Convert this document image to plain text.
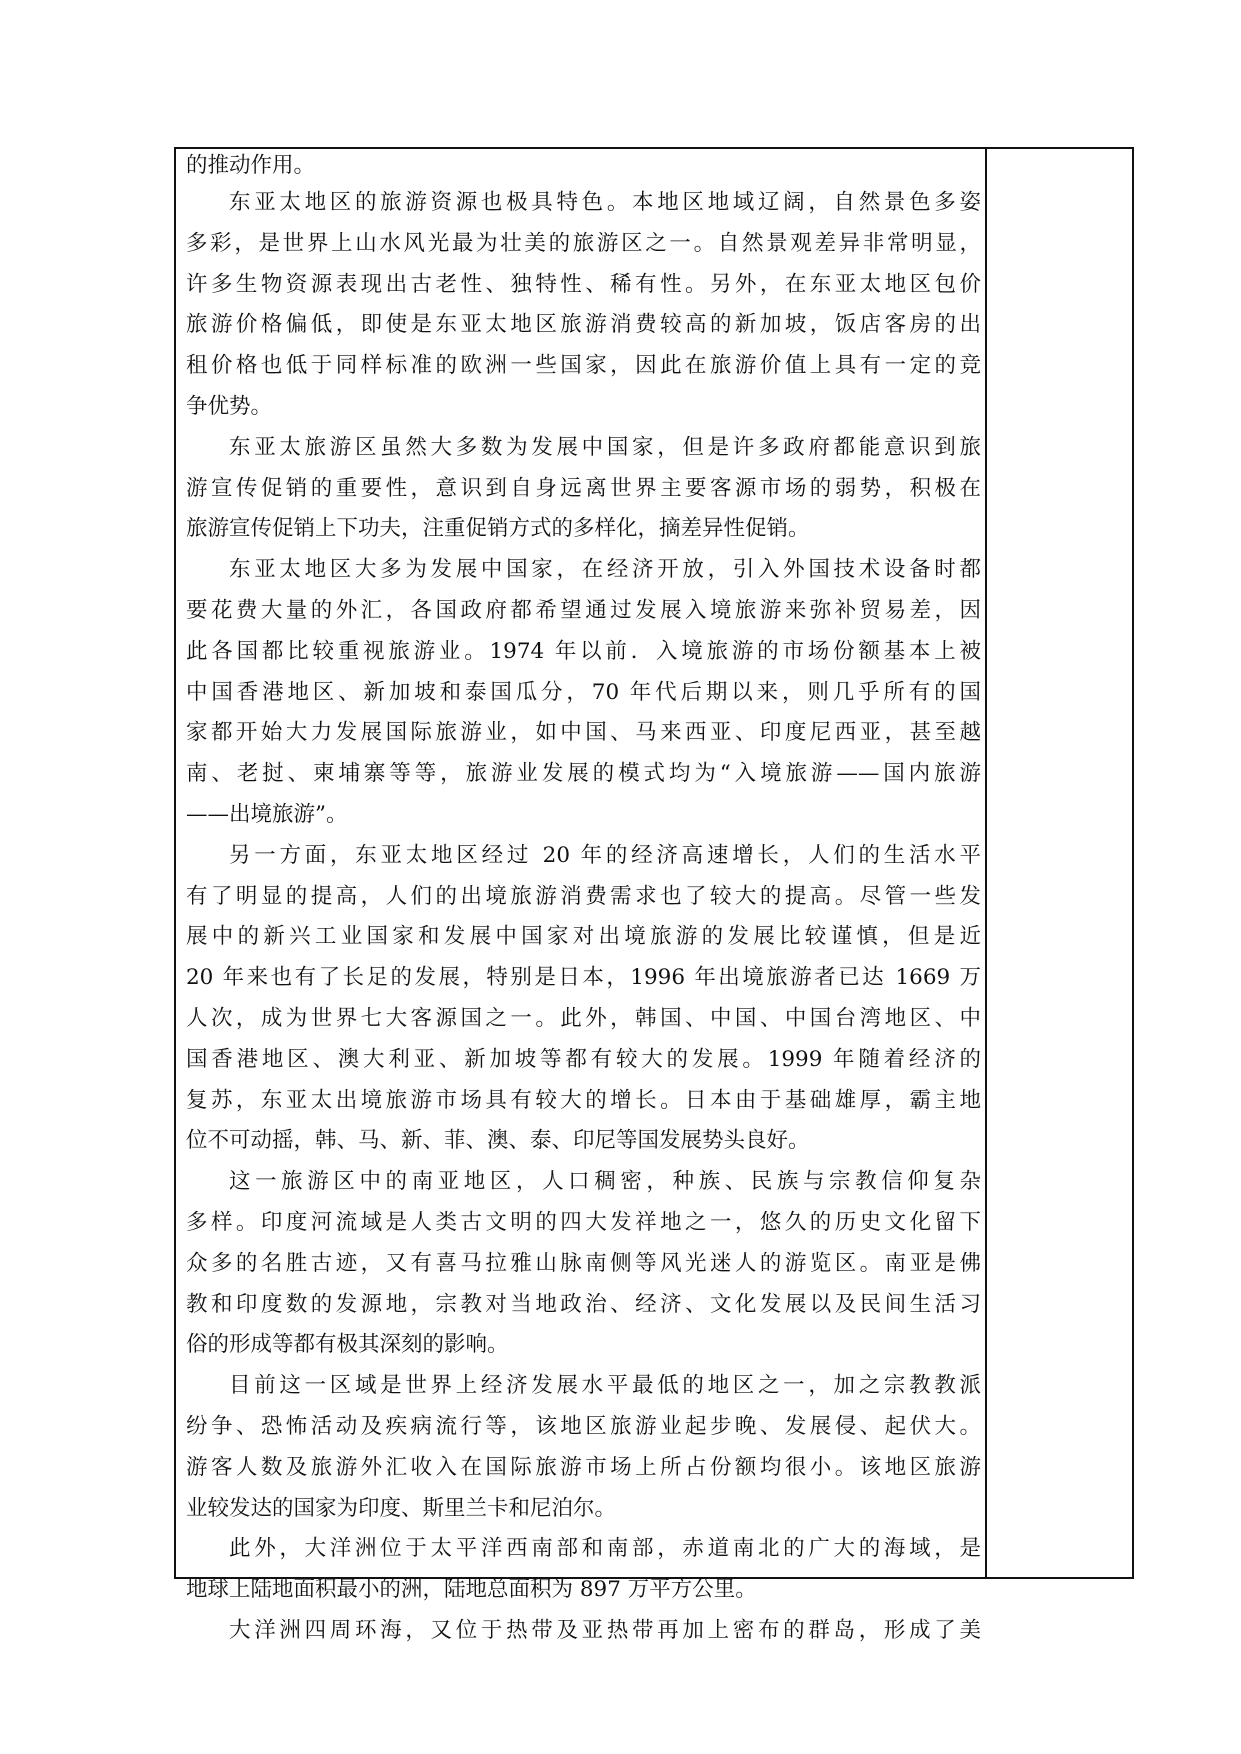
的推动作用。
东亚太地区的旅游资源也极具特色。本地区地域辽阔，自然景色多姿
多彩，是世界上山水风光最为壮美的旅游区之一。自然景观差异非常明显，
许多生物资源表现出古老性、独特性、稀有性。另外，在东亚太地区包价
旅游价格偏低，即使是东亚太地区旅游消费较高的新加坡，饭店客房的出
租价格也低于同样标准的欧洲一些国家，因此在旅游价值上具有一定的竞
争优势。
东亚太旅游区虽然大多数为发展中国家，但是许多政府都能意识到旅
游宣传促销的重要性，意识到自身远离世界主要客源市场的弱势，积极在
旅游宣传促销上下功夫，注重促销方式的多样化，摘差异性促销。
东亚太地区大多为发展中国家，在经济开放，引入外国技术设备时都
要花费大量的外汇，各国政府都希望通过发展入境旅游来弥补贸易差，因
此各国都比较重视旅游业。1974 年以前．入境旅游的市场份额基本上被
中国香港地区、新加坡和泰国瓜分，70 年代后期以来，则几乎所有的国
家都开始大力发展国际旅游业，如中国、马来西亚、印度尼西亚，甚至越
南、老挝、柬埔寨等等，旅游业发展的模式均为“入境旅游——国内旅游
——出境旅游”。
另一方面，东亚太地区经过 20 年的经济高速增长，人们的生活水平
有了明显的提高，人们的出境旅游消费需求也了较大的提高。尽管一些发
展中的新兴工业国家和发展中国家对出境旅游的发展比较谨慎，但是近
20 年来也有了长足的发展，特别是日本，1996 年出境旅游者已达 1669 万
人次，成为世界七大客源国之一。此外，韩国、中国、中国台湾地区、中
国香港地区、澳大利亚、新加坡等都有较大的发展。1999 年随着经济的
复苏，东亚太出境旅游市场具有较大的增长。日本由于基础雄厚，霸主地
位不可动摇，韩、马、新、菲、澳、泰、印尼等国发展势头良好。
这一旅游区中的南亚地区，人口稠密，种族、民族与宗教信仰复杂
多样。印度河流域是人类古文明的四大发祥地之一，悠久的历史文化留下
众多的名胜古迹，又有喜马拉雅山脉南侧等风光迷人的游览区。南亚是佛
教和印度数的发源地，宗教对当地政治、经济、文化发展以及民间生活习
俗的形成等都有极其深刻的影响。
目前这一区域是世界上经济发展水平最低的地区之一，加之宗教教派
纷争、恐怖活动及疾病流行等，该地区旅游业起步晚、发展侵、起伏大。
游客人数及旅游外汇收入在国际旅游市场上所占份额均很小。该地区旅游
业较发达的国家为印度、斯里兰卡和尼泊尔。
此外，大洋洲位于太平洋西南部和南部，赤道南北的广大的海域，是
地球上陆地面积最小的洲，陆地总面积为 897 万平方公里。
大洋洲四周环海，又位于热带及亚热带再加上密布的群岛，形成了美
